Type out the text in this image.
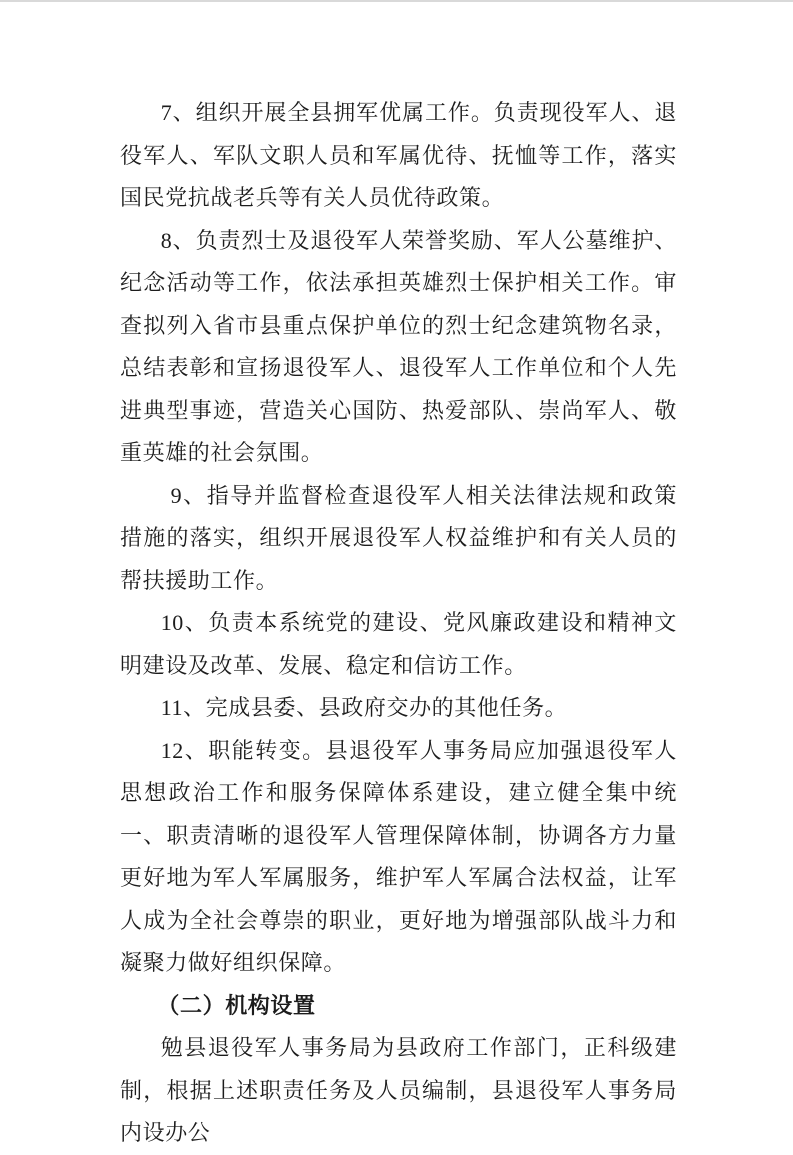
7、组织开展全县拥军优属工作。负责现役军人、退役军人、军队文职人员和军属优待、抚恤等工作，落实国民党抗战老兵等有关人员优待政策。

8、负责烈士及退役军人荣誉奖励、军人公墓维护、纪念活动等工作，依法承担英雄烈士保护相关工作。审查拟列入省市县重点保护单位的烈士纪念建筑物名录，总结表彰和宣扬退役军人、退役军人工作单位和个人先进典型事迹，营造关心国防、热爱部队、崇尚军人、敬重英雄的社会氛围。

9、指导并监督检查退役军人相关法律法规和政策措施的落实，组织开展退役军人权益维护和有关人员的帮扶援助工作。

10、负责本系统党的建设、党风廉政建设和精神文明建设及改革、发展、稳定和信访工作。

11、完成县委、县政府交办的其他任务。

12、职能转变。县退役军人事务局应加强退役军人思想政治工作和服务保障体系建设，建立健全集中统一、职责清晰的退役军人管理保障体制，协调各方力量更好地为军人军属服务，维护军人军属合法权益，让军人成为全社会尊崇的职业，更好地为增强部队战斗力和凝聚力做好组织保障。

（二）机构设置

勉县退役军人事务局为县政府工作部门，正科级建制，根据上述职责任务及人员编制，县退役军人事务局内设办公
